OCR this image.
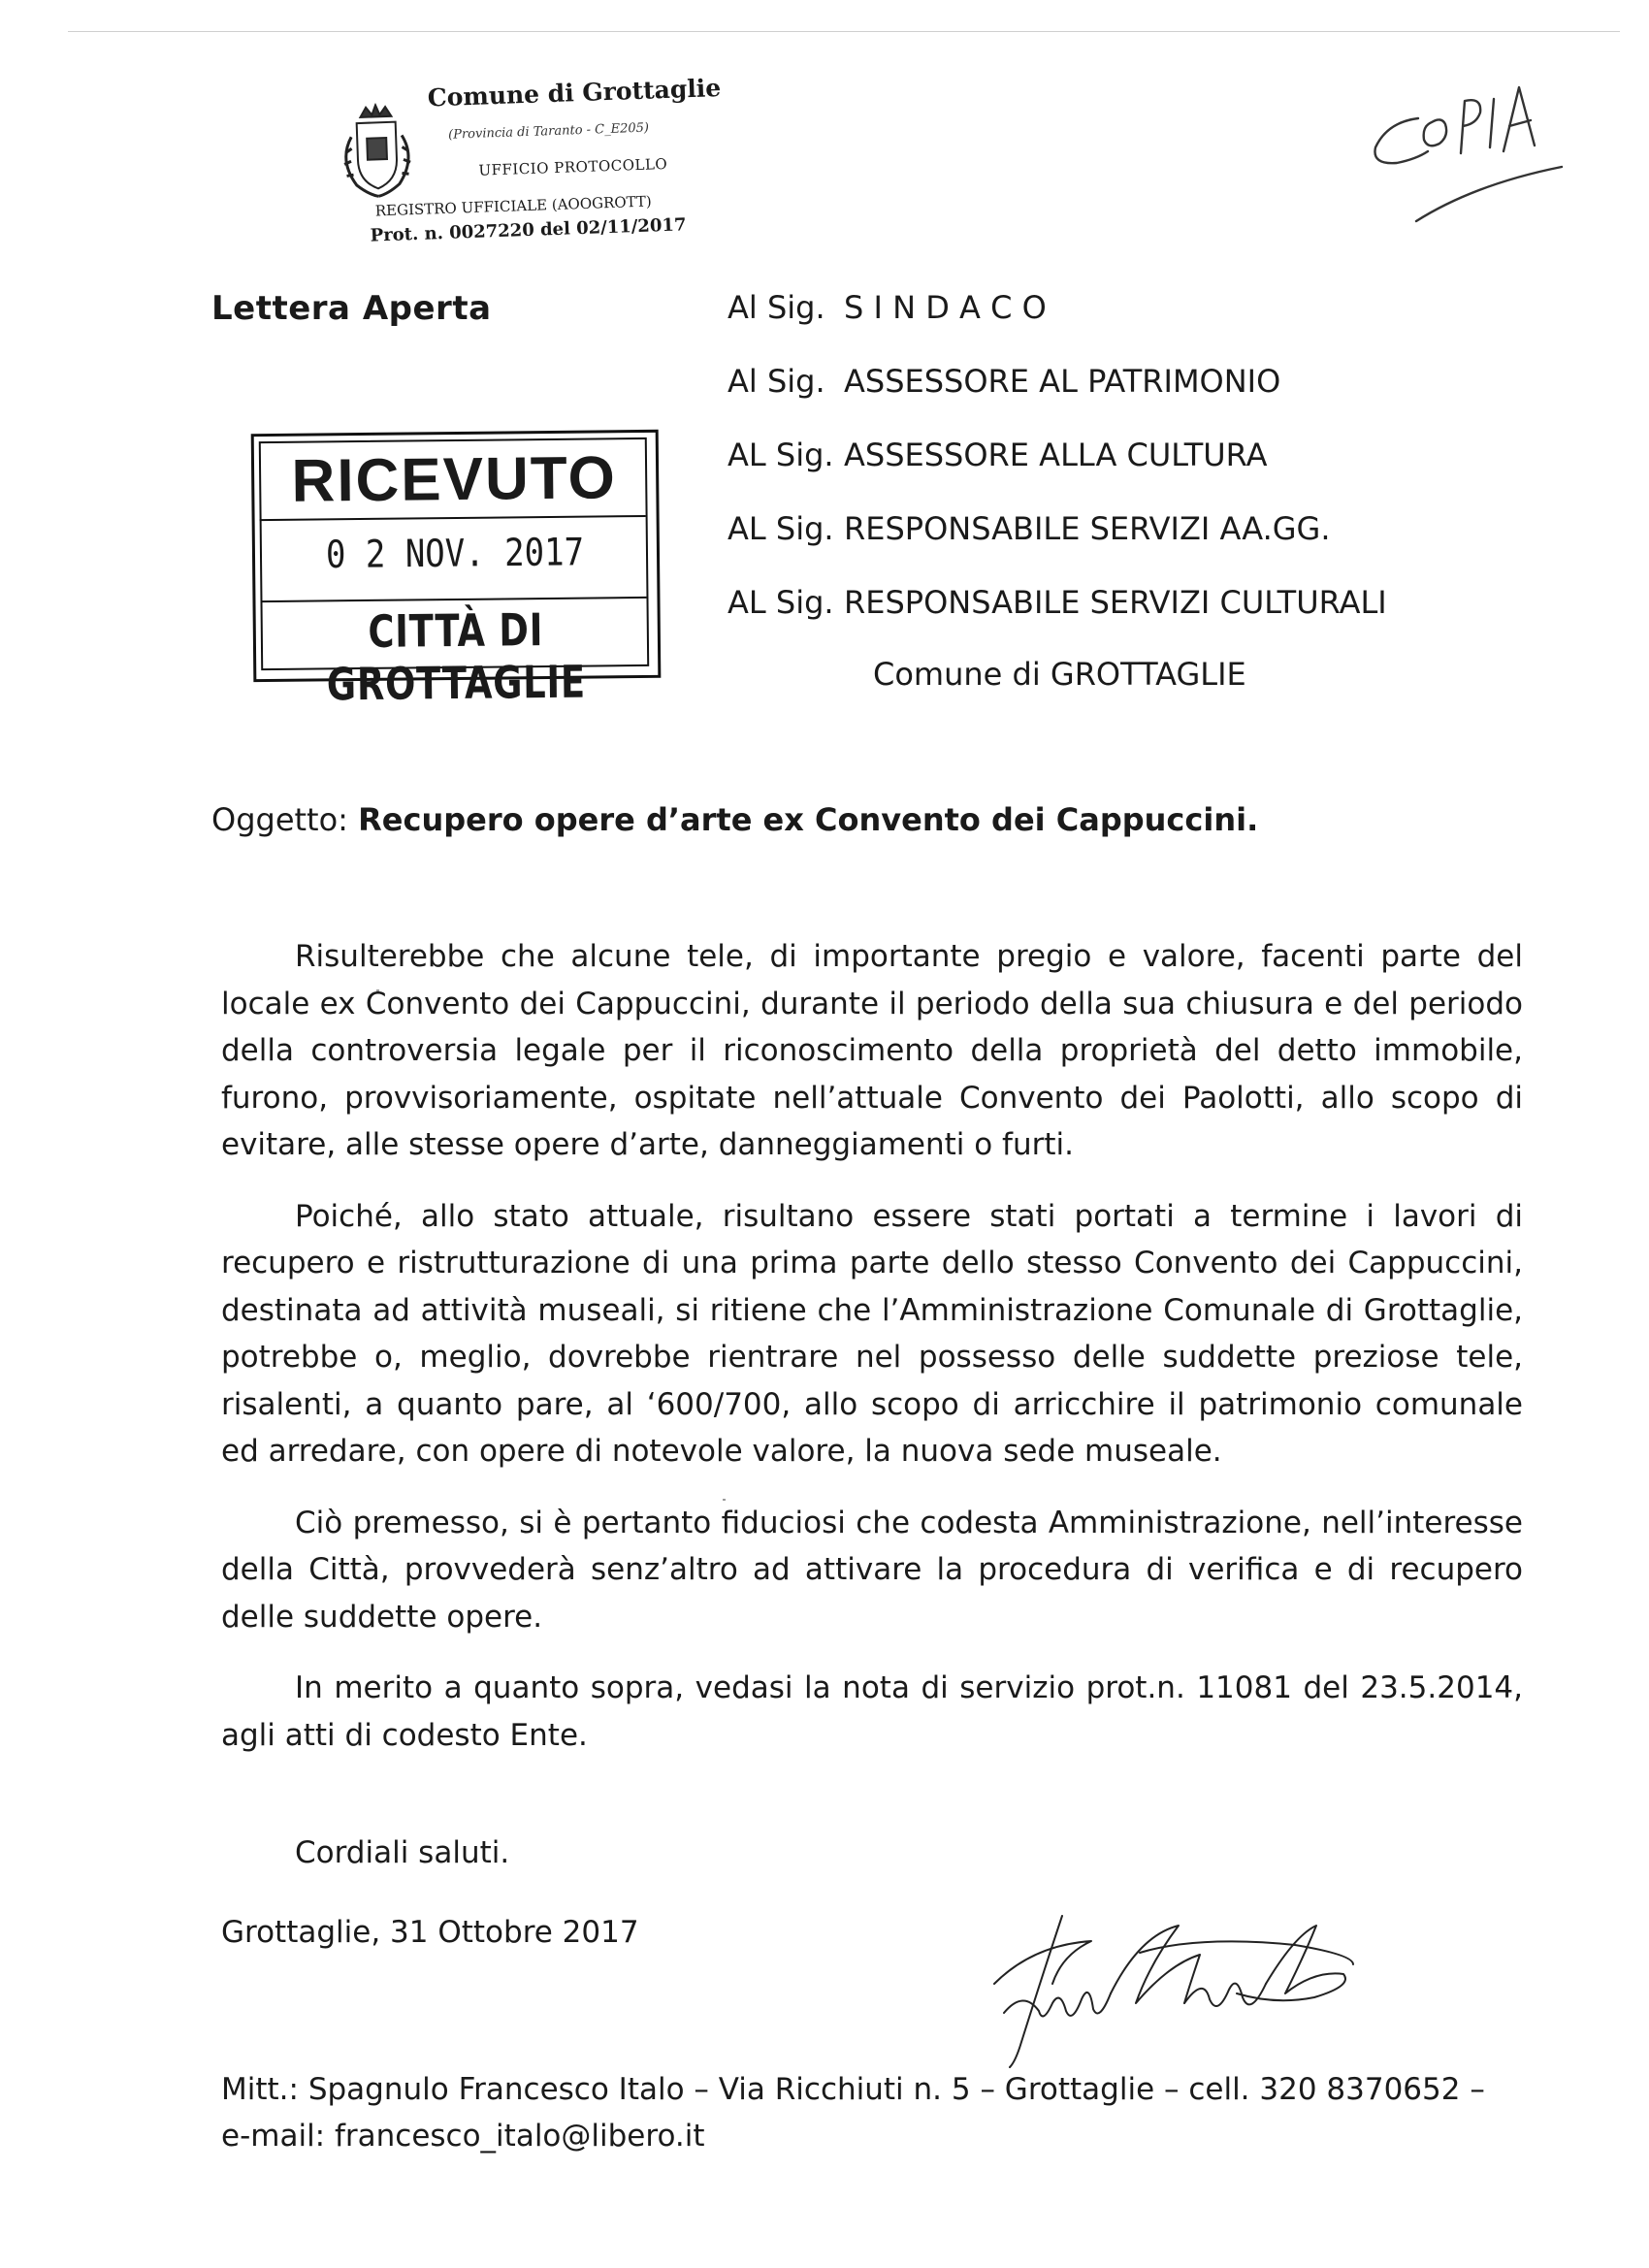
Comune di Grottaglie
(Provincia di Taranto - C_E205)
UFFICIO PROTOCOLLO
REGISTRO UFFICIALE (AOOGROTT)
Prot. n. 0027220 del 02/11/2017
Lettera Aperta	Al Sig. S I N D A C O
Al Sig. ASSESSORE AL PATRIMONIO
AL Sig. ASSESSORE ALLA CULTURA
AL Sig. RESPONSABILE SERVIZI AA.GG.
AL Sig. RESPONSABILE SERVIZI CULTURALI
Comune di GROTTAGLIE
RICEVUTO
0 2 NOV. 2017
CITTÀ DI GROTTAGLIE
Oggetto: Recupero opere d’arte ex Convento dei Cappuccini.

Risulterebbe che alcune tele, di importante pregio e valore, facenti parte del locale ex Convento dei Cappuccini, durante il periodo della sua chiusura e del periodo della controversia legale per il riconoscimento della proprietà del detto immobile, furono, provvisoriamente, ospitate nell’attuale Convento dei Paolotti, allo scopo di evitare, alle stesse opere d’arte, danneggiamenti o furti.

Poiché, allo stato attuale, risultano essere stati portati a termine i lavori di recupero e ristrutturazione di una prima parte dello stesso Convento dei Cappuccini, destinata ad attività museali, si ritiene che l’Amministrazione Comunale di Grottaglie, potrebbe o, meglio, dovrebbe rientrare nel possesso delle suddette preziose tele, risalenti, a quanto pare, al ‘600/700, allo scopo di arricchire il patrimonio comunale ed arredare, con opere di notevole valore, la nuova sede museale.

Ciò premesso, si è pertanto fiduciosi che codesta Amministrazione, nell’interesse della Città, provvederà senz’altro ad attivare la procedura di verifica e di recupero delle suddette opere.

In merito a quanto sopra, vedasi la nota di servizio prot.n. 11081 del 23.5.2014, agli atti di codesto Ente.

Cordiali saluti.
Grottaglie, 31 Ottobre 2017
Mitt.: Spagnulo Francesco Italo – Via Ricchiuti n. 5 – Grottaglie – cell. 320 8370652 –
e-mail: francesco_italo@libero.it
